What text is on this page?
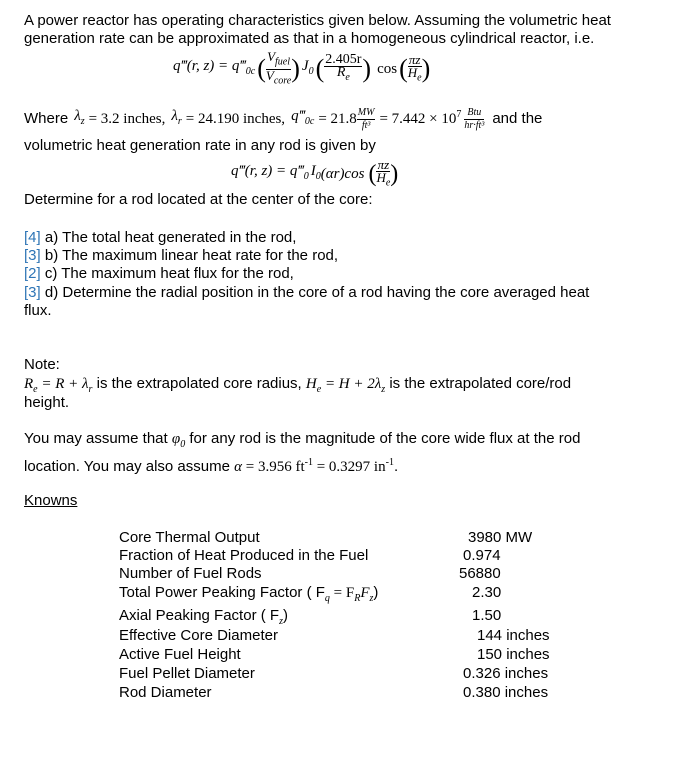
A power reactor has operating characteristics given below. Assuming the volumetric heat
generation rate can be approximated as that in a homogeneous cylindrical reactor, i.e.
q‴(r, $z) = q‴_{0c}$ ( $\frac{V_{fuel}}{V_{core}}$ ) $J_0$ ( $\frac{2.405r}{R_e}$ ) cos ( $\frac{\pi z}{H_e}$ )
Where $\lambda_z = 3.2$ inches, $\lambda_r = 24.190$ inches, $q‴_{0c} = 21.8 \frac{MW}{\text{ft³}} = 7.442 \times 10^7 \frac{\text{Btu}}{\text{hr·ft³}}$ and the
volumetric heat generation rate in any rod is given by
q‴(r, $z) = q‴_0$ $I_0$ (αr)cos ( $\frac{\pi z}{H_e}$ )
Determine for a rod located at the center of the core:
[4] a) The total heat generated in the rod,
[3] b) The maximum linear heat rate for the rod,
[2] c) The maximum heat flux for the rod,
[3] d) Determine the radial position in the core of a rod having the core averaged heat
flux.
Note:
$R_e = R + \lambda_r$ is the extrapolated core radius, $H_e = H + 2\lambda_z$ is the extrapolated core/rod
height.
You may assume that $\varphi_0$ for any rod is the magnitude of the core wide flux at the rod
location. You may also assume α = 3.956 $ft^{-1} = 0.3297$ $in^{-1}$.
Knowns
Core Thermal Output	3980 MW
Fraction of Heat Produced in the Fuel	0.974
Number of Fuel Rods	56880
Total Power Peaking Factor ( $F_q = F_RF_z$)	2.30
Axial Peaking Factor ( $F_z$)	1.50
Effective Core Diameter	144 inches
Active Fuel Height	150 inches
Fuel Pellet Diameter	0.326 inches
Rod Diameter	0.380 inches
